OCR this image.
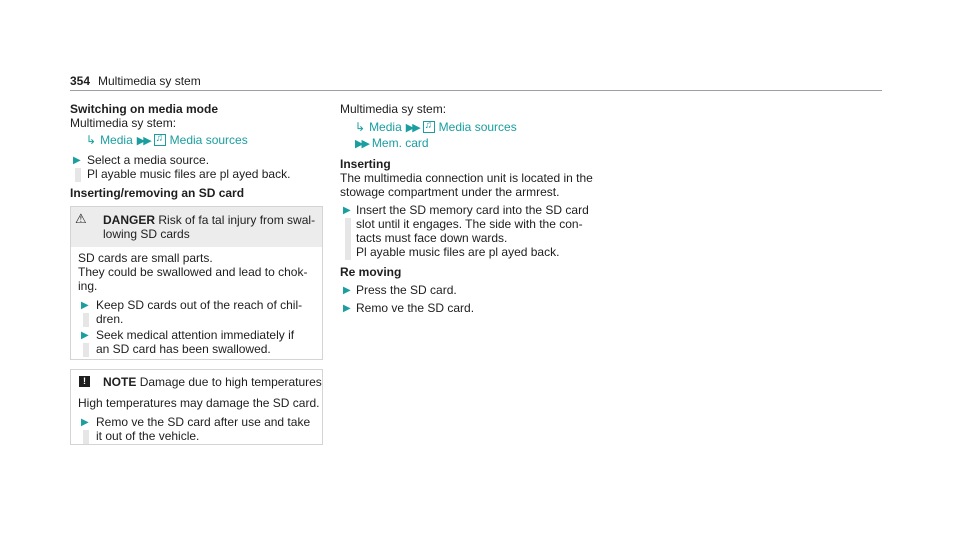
354 Multimedia sy stem
Switching on media mode
Multimedia sy stem:
↳ Media ▶▶ ♫ Media sources
▶ Select a media source.
Pl ayable music files are pl ayed back.
Inserting/removing an SD card
⚠ DANGER Risk of fa tal injury from swal‐
lowing SD cards
SD cards are small parts.
They could be swallowed and lead to chok‐
ing.
▶ Keep SD cards out of the reach of chil‐
dren.
▶ Seek medical attention immediately if
an SD card has been swallowed.
!	NOTE Damage due to high temperatures
High temperatures may damage the SD card.
▶ Remo ve the SD card after use and take
it out of the vehicle.
Multimedia sy stem:
↳ Media ▶▶ ♫ Media sources
▶▶ Mem. card
Inserting
The multimedia connection unit is located in the
stowage compartment under the armrest.
▶ Insert the SD memory card into the SD card
slot until it engages. The side with the con‐
tacts must face down wards.
Pl ayable music files are pl ayed back.
Re moving
▶ Press the SD card.
▶ Remo ve the SD card.
